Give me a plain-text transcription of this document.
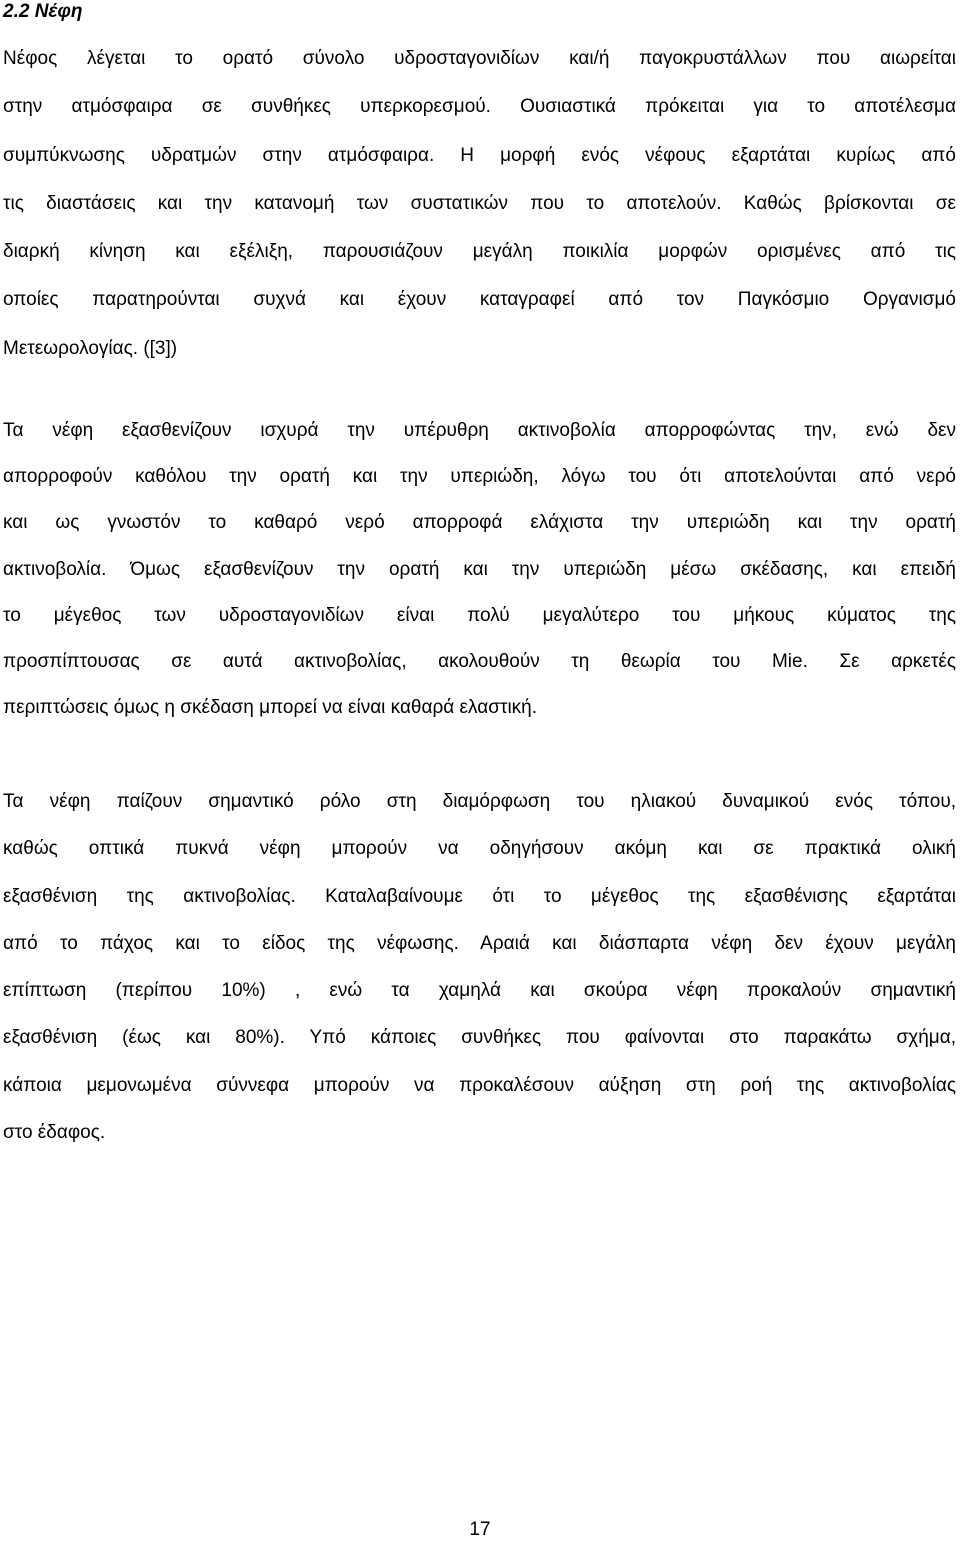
2.2 Νέφη

Νέφος λέγεται το ορατό σύνολο υδροσταγονιδίων και/ή παγοκρυστάλλων που αιωρείται
στην ατμόσφαιρα σε συνθήκες υπερκορεσμού. Ουσιαστικά πρόκειται για το αποτέλεσμα
συμπύκνωσης υδρατμών στην ατμόσφαιρα. Η μορφή ενός νέφους εξαρτάται κυρίως από
τις διαστάσεις και την κατανομή των συστατικών που το αποτελούν. Καθώς βρίσκονται σε
διαρκή κίνηση και εξέλιξη, παρουσιάζουν μεγάλη ποικιλία μορφών ορισμένες από τις
οποίες παρατηρούνται συχνά και έχουν καταγραφεί από τον Παγκόσμιο Οργανισμό
Μετεωρολογίας. ([3])

Τα νέφη εξασθενίζουν ισχυρά την υπέρυθρη ακτινοβολία απορροφώντας την, ενώ δεν
απορροφούν καθόλου την ορατή και την υπεριώδη, λόγω του ότι αποτελούνται από νερό
και ως γνωστόν το καθαρό νερό απορροφά ελάχιστα την υπεριώδη και την ορατή
ακτινοβολία. Όμως εξασθενίζουν την ορατή και την υπεριώδη μέσω σκέδασης, και επειδή
το μέγεθος των υδροσταγονιδίων είναι πολύ μεγαλύτερο του μήκους κύματος της
προσπίπτουσας σε αυτά ακτινοβολίας, ακολουθούν τη θεωρία του Mie. Σε αρκετές
περιπτώσεις όμως η σκέδαση μπορεί να είναι καθαρά ελαστική.

Τα νέφη παίζουν σημαντικό ρόλο στη διαμόρφωση του ηλιακού δυναμικού ενός τόπου,
καθώς οπτικά πυκνά νέφη μπορούν να οδηγήσουν ακόμη και σε πρακτικά ολική
εξασθένιση της ακτινοβολίας. Καταλαβαίνουμε ότι το μέγεθος της εξασθένισης εξαρτάται
από το πάχος και το είδος της νέφωσης. Αραιά και διάσπαρτα νέφη δεν έχουν μεγάλη
επίπτωση (περίπου 10%) , ενώ τα χαμηλά και σκούρα νέφη προκαλούν σημαντική
εξασθένιση (έως και 80%). Υπό κάποιες συνθήκες που φαίνονται στο παρακάτω σχήμα,
κάποια μεμονωμένα σύννεφα μπορούν να προκαλέσουν αύξηση στη ροή της ακτινοβολίας
στο έδαφος.

17
